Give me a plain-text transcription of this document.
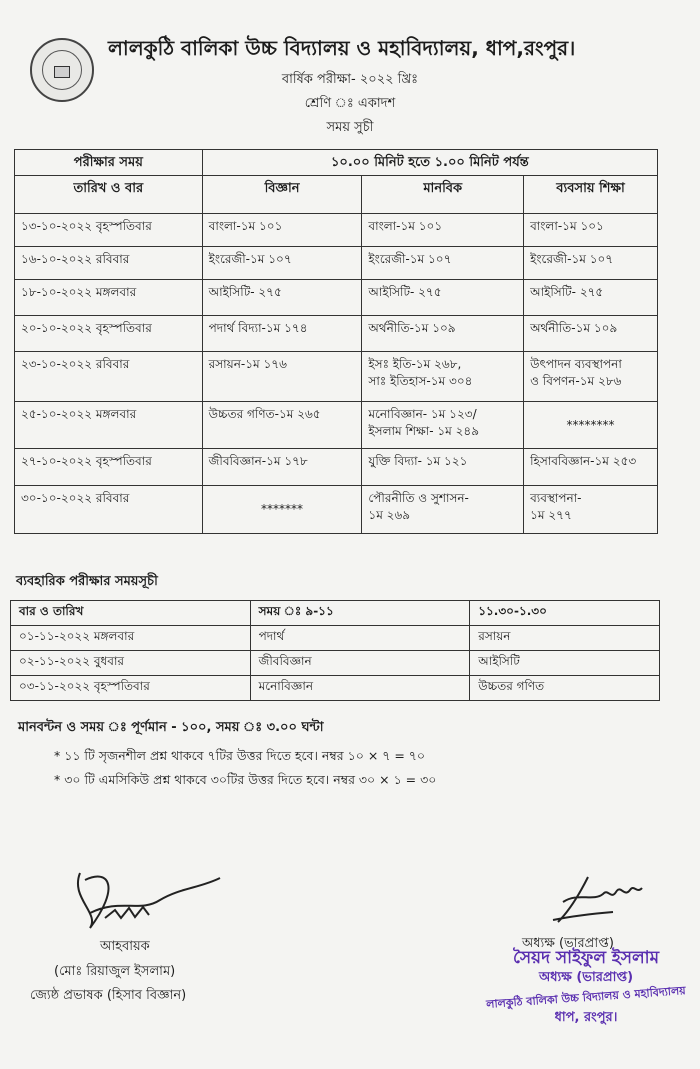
লালকুঠি বালিকা উচ্চ বিদ্যালয় ও মহাবিদ্যালয়, ধাপ,রংপুর।
বার্ষিক পরীক্ষা- ২০২২ খ্রিঃ
শ্রেণি ঃ একাদশ
সময় সুচী
পরীক্ষার সময়	১০.০০ মিনিট হতে ১.০০ মিনিট পর্যন্ত		
তারিখ ও বার	বিজ্ঞান	মানবিক	ব্যবসায় শিক্ষা
১৩-১০-২০২২ বৃহস্পতিবার	বাংলা-১ম ১০১	বাংলা-১ম ১০১	বাংলা-১ম ১০১
১৬-১০-২০২২ রবিবার	ইংরেজী-১ম ১০৭	ইংরেজী-১ম ১০৭	ইংরেজী-১ম ১০৭
১৮-১০-২০২২ মঙ্গলবার	আইসিটি- ২৭৫	আইসিটি- ২৭৫	আইসিটি- ২৭৫
২০-১০-২০২২ বৃহস্পতিবার	পদার্থ বিদ্যা-১ম ১৭৪	অর্থনীতি-১ম ১০৯	অর্থনীতি-১ম ১০৯
২৩-১০-২০২২ রবিবার	রসায়ন-১ম ১৭৬	ইসঃ ইতি-১ম ২৬৮,
সাঃ ইতিহাস-১ম ৩০৪	উৎপাদন ব্যবস্থাপনা
ও বিপণন-১ম ২৮৬
২৫-১০-২০২২ মঙ্গলবার	উচ্চতর গণিত-১ম ২৬৫	মনোবিজ্ঞান- ১ম ১২৩/
ইসলাম শিক্ষা- ১ম ২৪৯	********
২৭-১০-২০২২ বৃহস্পতিবার	জীববিজ্ঞান-১ম ১৭৮	যুক্তি বিদ্যা- ১ম ১২১	হিসাববিজ্ঞান-১ম ২৫৩
৩০-১০-২০২২ রবিবার	*******	পৌরনীতি ও সুশাসন-
১ম ২৬৯	ব্যবস্থাপনা-
১ম ২৭৭
ব্যবহারিক পরীক্ষার সময়সূচী
বার ও তারিখ	সময় ঃ ৯-১১	১১.৩০-১.৩০
০১-১১-২০২২ মঙ্গলবার	পদার্থ	রসায়ন
০২-১১-২০২২ বুধবার	জীববিজ্ঞান	আইসিটি
০৩-১১-২০২২ বৃহস্পতিবার	মনোবিজ্ঞান	উচ্চতর গণিত
মানবন্টন ও সময় ঃ পূর্ণমান - ১০০, সময় ঃ ৩.০০ ঘন্টা
* ১১ টি সৃজনশীল প্রশ্ন থাকবে ৭টির উত্তর দিতে হবে। নম্বর ১০ × ৭ = ৭০
* ৩০ টি এমসিকিউ প্রশ্ন থাকবে ৩০টির উত্তর দিতে হবে। নম্বর ৩০ × ১ = ৩০
আহবায়ক
(মোঃ রিয়াজুল ইসলাম)
জ্যেষ্ঠ প্রভাষক (হিসাব বিজ্ঞান)
অধ্যক্ষ (ভারপ্রাপ্ত)
সৈয়দ সাইফুল ইসলাম
অধ্যক্ষ (ভারপ্রাপ্ত)
লালকুঠি বালিকা উচ্চ বিদ্যালয় ও মহাবিদ্যালয়
ধাপ, রংপুর।
